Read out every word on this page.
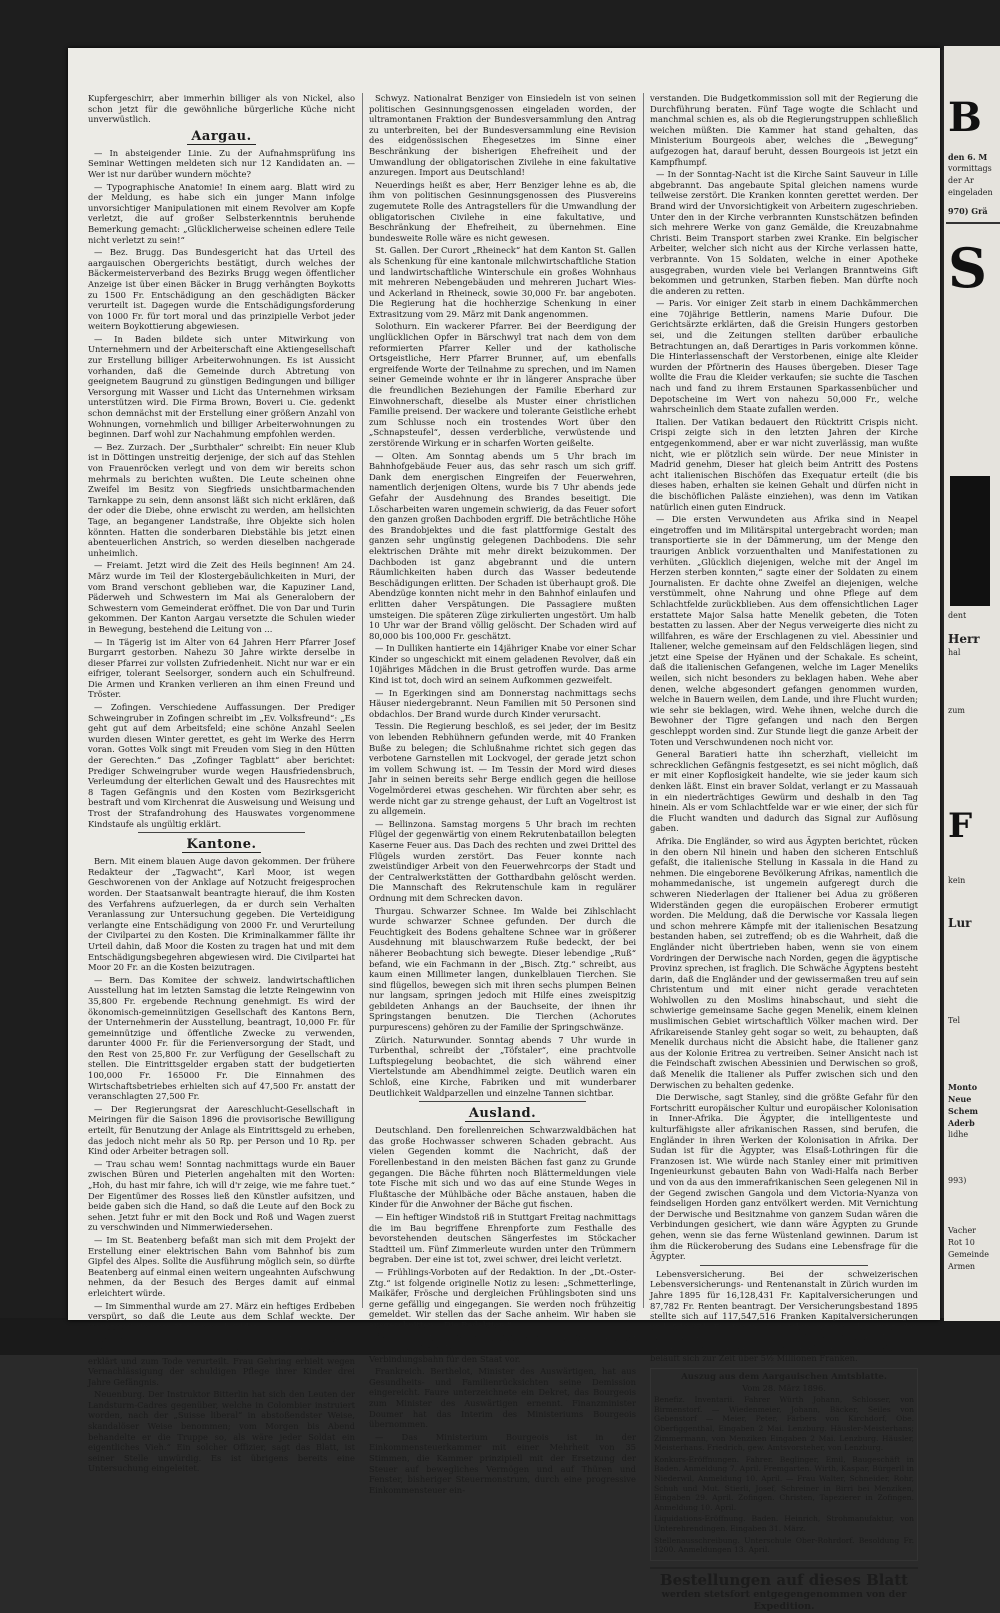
Kupfergeschirr, aber immerhin billiger als von Nickel, also schon jetzt für die gewöhnliche bürgerliche Küche nicht unverwüstlich.

Aargau.

— In absteigender Linie. Zu der Aufnahmsprüfung ins Seminar Wettingen meldeten sich nur 12 Kandidaten an. — Wer ist nur darüber wundern möchte?

— Typographische Anatomie! In einem aarg. Blatt wird zu der Meldung, es habe sich ein junger Mann infolge unvorsichtiger Manipulationen mit einem Revolver am Kopfe verletzt, die auf großer Selbsterkenntnis beruhende Bemerkung gemacht: „Glücklicherweise scheinen edlere Teile nicht verletzt zu sein!“

— Bez. Brugg. Das Bundesgericht hat das Urteil des aargauischen Obergerichts bestätigt, durch welches der Bäckermeisterverband des Bezirks Brugg wegen öffentlicher Anzeige ist über einen Bäcker in Brugg verhängten Boykotts zu 1500 Fr. Entschädigung an den geschädigten Bäcker verurteilt ist. Dagegen wurde die Entschädigungsforderung von 1000 Fr. für tort moral und das prinzipielle Verbot jeder weitern Boykottierung abgewiesen.

— In Baden bildete sich unter Mitwirkung von Unternehmern und der Arbeiterschaft eine Aktiengesellschaft zur Erstellung billiger Arbeiterwohnungen. Es ist Aussicht vorhanden, daß die Gemeinde durch Abtretung von geeignetem Baugrund zu günstigen Bedingungen und billiger Versorgung mit Wasser und Licht das Unternehmen wirksam unterstützen wird. Die Firma Brown, Boveri u. Cie. gedenkt schon demnächst mit der Erstellung einer größern Anzahl von Wohnungen, vornehmlich und billiger Arbeiterwohnungen zu beginnen. Darf wohl zur Nachahmung empfohlen werden.

— Bez. Zurzach. Der „Surbthaler“ schreibt: Ein neuer Klub ist in Döttingen unstreitig derjenige, der sich auf das Stehlen von Frauenröcken verlegt und von dem wir bereits schon mehrmals zu berichten wußten. Die Leute scheinen ohne Zweifel im Besitz von Siegfrieds unsichtbarmachenden Tarnkappe zu sein, denn ansonst läßt sich nicht erklären, daß der oder die Diebe, ohne erwischt zu werden, am hellsichten Tage, an begangener Landstraße, ihre Objekte sich holen könnten. Hatten die sonderbaren Diebstähle bis jetzt einen abenteuerlichen Anstrich, so werden dieselben nachgerade unheimlich.

— Freiamt. Jetzt wird die Zeit des Heils beginnen! Am 24. März wurde im Teil der Klostergebäulichkeiten in Muri, der vom Brand verschont geblieben war, die Kapuziner Land, Päderweh und Schwestern im Mai als Generalobern der Schwestern vom Gemeinderat eröffnet. Die von Dar und Turin gekommen. Der Kanton Aargau versetzte die Schulen wieder in Bewegung, bestehend die Leitung von ...

— In Tägerig ist im Alter von 64 Jahren Herr Pfarrer Josef Burgarrt gestorben. Nahezu 30 Jahre wirkte derselbe in dieser Pfarrei zur vollsten Zufriedenheit. Nicht nur war er ein eifriger, tolerant Seelsorger, sondern auch ein Schulfreund. Die Armen und Kranken verlieren an ihm einen Freund und Tröster.

— Zofingen. Verschiedene Auffassungen. Der Prediger Schweingruber in Zofingen schreibt im „Ev. Volksfreund“: „Es geht gut auf dem Arbeitsfeld; eine schöne Anzahl Seelen wurden diesen Winter gerettet, es geht im Werke des Herrn voran. Gottes Volk singt mit Freuden vom Sieg in den Hütten der Gerechten.“ Das „Zofinger Tagblatt“ aber berichtet: Prediger Schweingruber wurde wegen Hausfriedensbruch, Verleumdung der elterlichen Gewalt und des Hausrechtes mit 8 Tagen Gefängnis und den Kosten vom Bezirksgericht bestraft und vom Kirchenrat die Ausweisung und Weisung und Trost der Strafandrohung des Hauswates vorgenommene Kindstaufe als ungültig erklärt.

Kantone.

Bern. Mit einem blauen Auge davon gekommen. Der frühere Redakteur der „Tagwacht“, Karl Moor, ist wegen Geschworenen von der Anklage auf Notzucht freigesprochen worden. Der Staatsanwalt beantragte hierauf, die ihm Kosten des Verfahrens aufzuerlegen, da er durch sein Verhalten Veranlassung zur Untersuchung gegeben. Die Verteidigung verlangte eine Entschädigung von 2000 Fr. und Verurteilung der Civilpartei zu den Kosten. Die Kriminalkammer fällte ihr Urteil dahin, daß Moor die Kosten zu tragen hat und mit dem Entschädigungsbegehren abgewiesen wird. Die Civilpartei hat Moor 20 Fr. an die Kosten beizutragen.

— Bern. Das Komitee der schweiz. landwirtschaftlichen Ausstellung hat im letzten Samstag die letzte Reingewinn von 35,800 Fr. ergebende Rechnung genehmigt. Es wird der ökonomisch-gemeinnützigen Gesellschaft des Kantons Bern, der Unternehmerin der Ausstellung, beantragt, 10,000 Fr. für gemeinnützige und öffentliche Zwecke zu verwenden, darunter 4000 Fr. für die Ferienversorgung der Stadt, und den Rest von 25,800 Fr. zur Verfügung der Gesellschaft zu stellen. Die Eintrittsgelder ergaben statt der budgetierten 100,000 Fr. 165000 Fr. Die Einnahmen des Wirtschaftsbetriebes erhielten sich auf 47,500 Fr. anstatt der veranschlagten 27,500 Fr.

— Der Regierungsrat der Aareschlucht-Gesellschaft in Meiringen für die Saison 1896 die provisorische Bewilligung erteilt, für Benutzung der Anlage als Eintrittsgeld zu erheben, das jedoch nicht mehr als 50 Rp. per Person und 10 Rp. per Kind oder Arbeiter betragen soll.

— Trau schau wem! Sonntag nachmittags wurde ein Bauer zwischen Büren und Pieterlen angehalten mit den Worten: „Hoh, du hast mir fahre, ich will d'r zeige, wie me fahre tuet.“ Der Eigentümer des Rosses ließ den Künstler aufsitzen, und beide gaben sich die Hand, so daß die Leute auf den Bock zu sehen. Jetzt fuhr er mit den Bock und Roß und Wagen zuerst zu verschwinden und Nimmerwiedersehen.

— Im St. Beatenberg befaßt man sich mit dem Projekt der Erstellung einer elektrischen Bahn vom Bahnhof bis zum Gipfel des Alpes. Sollte die Ausführung möglich sein, so dürfte Beatenberg auf einmal einen weitern ungeahnten Aufschwung nehmen, da der Besuch des Berges damit auf einmal erleichtert würde.

— Im Simmenthal wurde am 27. März ein heftiges Erdbeben verspürt, so daß die Leute aus dem Schlaf weckte. Der Hauptstoß ging von Norden nach Süden.

Luzern. Das Kriminalgericht hat den Württemberger Gehring der Ermordung seiner zwei Stieftöchter schuldig erklärt und zum Tode verurteilt. Frau Gehring erhielt wegen Vernachlässigung der schuldigen Pflege ihrer Kinder drei Jahre Gefängnis.

Neuenburg. Der Instruktor Bitterlin hat sich den Leuten der Landsturm-Cadres gegenüber, welche in Colombier instruiert worden, nach der „Suisse liberal“ in abstoßendster Weise, skandalöser Weise benommen; vom Morgen bis Abend behandelte er die Truppe so, als wäre jeder Soldat ein eigentliches Vieh.“ Ein solcher Offizier, sagt das Blatt, ist seiner Stelle unwürdig. Es ist übrigens bereits eine Untersuchung eingeleitet.

Schwyz. Nationalrat Benziger von Einsiedeln ist von seinen politischen Gesinnungsgenossen eingeladen worden, der ultramontanen Fraktion der Bundesversammlung den Antrag zu unterbreiten, bei der Bundesversammlung eine Revision des eidgenössischen Ehegesetzes im Sinne einer Beschränkung der bisherigen Ehefreiheit und der Umwandlung der obligatorischen Zivilehe in eine fakultative anzuregen. Import aus Deutschland!

Neuerdings heißt es aber, Herr Benziger lehne es ab, die ihm von politischen Gesinnungsgenossen des Piusvereins zugemutete Rolle des Antragstellers für die Umwandlung der obligatorischen Civilehe in eine fakultative, und Beschränkung der Ehefreiheit, zu übernehmen. Eine bundesweite Rolle wäre es nicht gewesen.

St. Gallen. Der Curort „Rheineck“ hat dem Kanton St. Gallen als Schenkung für eine kantonale milchwirtschaftliche Station und landwirtschaftliche Winterschule ein großes Wohnhaus mit mehreren Nebengebäuden und mehreren Juchart Wies- und Ackerland in Rheineck, sowie 30,000 Fr. bar angeboten. Die Regierung hat die hochherzige Schenkung in einer Extrasitzung vom 29. März mit Dank angenommen.

Solothurn. Ein wackerer Pfarrer. Bei der Beerdigung der unglücklichen Opfer in Bärschwyl trat nach dem von dem reformierten Pfarrer Keller und der katholische Ortsgeistliche, Herr Pfarrer Brunner, auf, um ebenfalls ergreifende Worte der Teilnahme zu sprechen, und im Namen seiner Gemeinde wohnte er ihr in längerer Ansprache über die freundlichen Beziehungen der Familie Eberhard zur Einwohnerschaft, dieselbe als Muster einer christlichen Familie preisend. Der wackere und tolerante Geistliche erhebt zum Schlusse noch ein trostendes Wort über den „Schnapsteufel“, dessen verderbliche, verwüstende und zerstörende Wirkung er in scharfen Worten geißelte.

— Olten. Am Sonntag abends um 5 Uhr brach im Bahnhofgebäude Feuer aus, das sehr rasch um sich griff. Dank dem energischen Eingreifen der Feuerwehren, namentlich derjenigen Oltens, wurde bis 7 Uhr abends jede Gefahr der Ausdehnung des Brandes beseitigt. Die Löscharbeiten waren ungemein schwierig, da das Feuer sofort den ganzen großen Dachboden ergriff. Die beträchtliche Höhe des Brandobjektes und die fast plattformige Gestalt des ganzen sehr ungünstig gelegenen Dachbodens. Die sehr elektrischen Drähte mit mehr direkt beizukommen. Der Dachboden ist ganz abgebrannt und die untern Räumlichkeiten haben durch das Wasser bedeutende Beschädigungen erlitten. Der Schaden ist überhaupt groß. Die Abendzüge konnten nicht mehr in den Bahnhof einlaufen und erlitten daher Verspätungen. Die Passagiere mußten umsteigen. Die späteren Züge zirkulierten ungestört. Um halb 10 Uhr war der Brand völlig gelöscht. Der Schaden wird auf 80,000 bis 100,000 Fr. geschätzt.

— In Dulliken hantierte ein 14jähriger Knabe vor einer Schar Kinder so ungeschickt mit einem geladenen Revolver, daß ein 10jähriges Mädchen in die Brust getroffen wurde. Das arme Kind ist tot, doch wird an seinem Aufkommen gezweifelt.

— In Egerkingen sind am Donnerstag nachmittags sechs Häuser niedergebrannt. Neun Familien mit 50 Personen sind obdachlos. Der Brand wurde durch Kinder verursacht.

Tessin. Die Regierung beschloß, es sei jeder, der im Besitz von lebenden Rebhühnern gefunden werde, mit 40 Franken Buße zu belegen; die Schlußnahme richtet sich gegen das verbotene Garnstellen mit Lockvogel, der gerade jetzt schon im vollem Schwung ist. — Im Tessin der Mord wird dieses Jahr in seinen bereits sehr Berge endlich gegen die heillose Vogelmörderei etwas geschehen. Wir fürchten aber sehr, es werde nicht gar zu strenge gehaust, der Luft an Vogeltrost ist zu allgemein.

— Bellinzona. Samstag morgens 5 Uhr brach im rechten Flügel der gegenwärtig von einem Rekrutenbataillon belegten Kaserne Feuer aus. Das Dach des rechten und zwei Drittel des Flügels wurden zerstört. Das Feuer konnte nach zweistündiger Arbeit von den Feuerwehrcorps der Stadt und der Centralwerkstätten der Gotthardbahn gelöscht werden. Die Mannschaft des Rekrutenschule kam in regulärer Ordnung mit dem Schrecken davon.

Thurgau. Schwarzer Schnee. Im Walde bei Zihlschlacht wurde schwarzer Schnee gefunden. Der durch die Feuchtigkeit des Bodens gehaltene Schnee war in größerer Ausdehnung mit blauschwarzem Ruße bedeckt, der bei näherer Beobachtung sich bewegte. Dieser lebendige „Ruß“ befand, wie ein Fachmann in der „Bisch. Ztg.“ schreibt, aus kaum einen Millimeter langen, dunkelblauen Tierchen. Sie sind flügellos, bewegen sich mit ihren sechs plumpen Beinen nur langsam, springen jedoch mit Hilfe eines zweispitzig gebildeten Anhangs an der Bauchseite, der ihnen ihr Springstangen benutzen. Die Tierchen (Achorutes purpurescens) gehören zu der Familie der Springschwänze.

Zürich. Naturwunder. Sonntag abends 7 Uhr wurde in Turbenthal, schreibt der „Töfstaler“, eine prachtvolle Luftspiegelung beobachtet, die sich während einer Viertelstunde am Abendhimmel zeigte. Deutlich waren ein Schloß, eine Kirche, Fabriken und mit wunderbarer Deutlichkeit Waldparzellen und einzelne Tannen sichtbar.

Ausland.

Deutschland. Den forellenreichen Schwarzwaldbächen hat das große Hochwasser schweren Schaden gebracht. Aus vielen Gegenden kommt die Nachricht, daß der Forellenbestand in den meisten Bächen fast ganz zu Grunde gegangen. Die Bäche führten noch Blättermeldungen viele tote Fische mit sich und wo das auf eine Stunde Weges in Flußtasche der Mühlbäche oder Bäche anstauen, haben die Kinder für die Anwohner der Bäche gut fischen.

— Ein heftiger Windstoß riß in Stuttgart Freitag nachmittags die im Bau begriffene Ehrenpforte zum Festhalle des bevorstehenden deutschen Sängerfestes im Stöckacher Stadtteil um. Fünf Zimmerleute wurden unter den Trümmern begraben. Der eine ist tot, zwei schwer, drei leicht verletzt.

— Frühlings-Vorboten auf der Redaktion. In der „Dt.-Oster-Ztg.“ ist folgende originelle Notiz zu lesen: „Schmetterlinge, Maikäfer, Frösche und dergleichen Frühlingsboten sind uns gerne gefällig und eingegangen. Sie werden noch frühzeitig gemeldet. Wir stellen das der Sache anheim. Wir haben sie ausgeschnitten... Die Redaktion.“

Österreich. Der Eisenbahnminister hat die Gesetzentwurf betr. Ankauf der Nordostbahn und der Südnordostdeutschen Verbindungsbahn für den Staat vor.

Frankreich. Berthelot, Minister des Auswärtigen, hat aus Gesundheits- und Familienrücksichten seine Demission eingereicht. Faure unterzeichnete ein Dekret, das Bourgeois zum Minister des Auswärtigen ernennt. Finanzminister Doumer hat das Interim des Ministeriums Bourgeois übernommen.

— Das Ministerium Bourgeois ist in der Einkommensteuerkammer mit einer Mehrheit von 35 Stimmen, die Kammer prinzipiell mit der Ersetzung der Steuer auf bewegliches Vermögen und auf Thüren und Fenster, bisheriger Steuermonstrum, durch eine progressive Einkommensteuer ein-

verstanden. Die Budgetkommission soll mit der Regierung die Durchführung beraten. Fünf Tage wogte die Schlacht und manchmal schien es, als ob die Regierungstruppen schließlich weichen müßten. Die Kammer hat stand gehalten, das Ministerium Bourgeois aber, welches die „Bewegung“ aufgezogen hat, darauf beruht, dessen Bourgeois ist jetzt ein Kampfhumpf.

— In der Sonntag-Nacht ist die Kirche Saint Sauveur in Lille abgebrannt. Das angebaute Spital gleichen namens wurde teilweise zerstört. Die Kranken konnten gerettet werden. Der Brand wird der Unvorsichtigkeit von Arbeitern zugeschrieben. Unter den in der Kirche verbrannten Kunstschätzen befinden sich mehrere Werke von ganz Gemälde, die Kreuzabnahme Christi. Beim Transport starben zwei Kranke. Ein belgischer Arbeiter, welcher sich nicht aus der Kirche verlassen hatte, verbrannte. Von 15 Soldaten, welche in einer Apotheke ausgegraben, wurden viele bei Verlangen Branntweins Gift bekommen und getrunken, Starben fieben. Man dürfte noch die anderen zu retten.

— Paris. Vor einiger Zeit starb in einem Dachkämmerchen eine 70jährige Bettlerin, namens Marie Dufour. Die Gerichtsärzte erklärten, daß die Greisin Hungers gestorben sei, und die Zeitungen stellten darüber erbauliche Betrachtungen an, daß Derartiges in Paris vorkommen könne. Die Hinterlassenschaft der Verstorbenen, einige alte Kleider wurden der Pförtnerin des Hauses übergeben. Dieser Tage wollte die Frau die Kleider verkaufen; sie suchte die Taschen nach und fand zu ihrem Erstaunen Sparkassenbücher und Depotscheine im Wert von nahezu 50,000 Fr., welche wahrscheinlich dem Staate zufallen werden.

Italien. Der Vatikan bedauert den Rücktritt Crispis nicht. Crispi zeigte sich in den letzten Jahren der Kirche entgegenkommend, aber er war nicht zuverlässig, man wußte nicht, wie er plötzlich sein würde. Der neue Minister in Madrid genehm, Dieser hat gleich beim Antritt des Postens acht italienischen Bischöfen das Exequatur erteilt (die bis dieses haben, erhalten sie keinen Gehalt und dürfen nicht in die bischöflichen Paläste einziehen), was denn im Vatikan natürlich einen guten Eindruck.

— Die ersten Verwundeten aus Afrika sind in Neapel eingetroffen und im Militärspital untergebracht worden; man transportierte sie in der Dämmerung, um der Menge den traurigen Anblick vorzuenthalten und Manifestationen zu verhüten. „Glücklich diejenigen, welche mit der Angel im Herzen sterben konnten,“ sagte einer der Soldaten zu einem Journalisten. Er dachte ohne Zweifel an diejenigen, welche verstümmelt, ohne Nahrung und ohne Pflege auf dem Schlachtfelde zurückblieben. Aus dem offensichtlichen Lager erstattete Major Salsa hatte Menelik gebeten, die Toten bestatten zu lassen. Aber der Negus verweigerte dies nicht zu willfahren, es wäre der Erschlagenen zu viel. Abessinier und Italiener, welche gemeinsam auf den Feldschlägen liegen, sind jetzt eine Speise der Hyänen und der Schakale. Es scheint, daß die italienischen Gefangenen, welche im Lager Meneliks weilen, sich nicht besonders zu beklagen haben. Wehe aber denen, welche abgesondert gefangen genommen wurden, welche in Bauern weilen, dem Lande, und ihre Flucht wurden; wie sehr sie beklagen, wird. Wehe ihnen, welche durch die Bewohner der Tigre gefangen und nach den Bergen geschleppt worden sind. Zur Stunde liegt die ganze Arbeit der Toten und Verschwundenen noch nicht vor.

General Baratieri hatte ihn scherzhaft, vielleicht im schrecklichen Gefängnis festgesetzt, es sei nicht möglich, daß er mit einer Kopflosigkeit handelte, wie sie jeder kaum sich denken läßt. Einst ein braver Soldat, verlangt er zu Massauah in ein niederträchtiges Gewürm und deshalb in den Tag hinein. Als er vom Schlachtfelde war er wie einer, der sich für die Flucht wandten und dadurch das Signal zur Auflösung gaben.

Afrika. Die Engländer, so wird aus Ägypten berichtet, rücken in den obern Nil hinein und haben den sicheren Entschluß gefaßt, die italienische Stellung in Kassala in die Hand zu nehmen. Die eingeborene Bevölkerung Afrikas, namentlich die mohammedanische, ist ungemein aufgeregt durch die schweren Niederlagen der Italiener bei Adua zu größeren Widerständen gegen die europäischen Eroberer ermutigt worden. Die Meldung, daß die Derwische vor Kassala liegen und schon mehrere Kämpfe mit der italienischen Besatzung bestanden haben, sei zutreffend; ob es die Wahrheit, daß die Engländer nicht übertrieben haben, wenn sie von einem Vordringen der Derwische nach Norden, gegen die ägyptische Provinz sprechen, ist fraglich. Die Schwäche Ägyptens besteht darin, daß die Engländer und der gewissermaßen treu auf sein Christentum und mit einer nicht gerade verachteten Wohlwollen zu den Moslims hinabschaut, und sieht die schwierige gemeinsame Sache gegen Menelik, einem kleinen muslimischen Gebiet wirtschaftlich Völker machen wird. Der Afrikareisende Stanley geht sogar so weit, zu behaupten, daß Menelik durchaus nicht die Absicht habe, die Italiener ganz aus der Kolonie Eritrea zu vertreiben. Seiner Ansicht nach ist die Feindschaft zwischen Abessinien und Derwischen so groß, daß Menelik die Italiener als Puffer zwischen sich und den Derwischen zu behalten gedenke.

Die Derwische, sagt Stanley, sind die größte Gefahr für den Fortschritt europäischer Kultur und europäischer Kolonisation in Inner-Afrika. Die Ägypter, die intelligenteste und kulturfähigste aller afrikanischen Rassen, sind berufen, die Engländer in ihren Werken der Kolonisation in Afrika. Der Sudan ist für die Ägypter, was Elsaß-Lothringen für die Franzosen ist. Wie würde nach Stanley einer mit primitiven Ingenieurkunst gebauten Bahn von Wadi-Halfa nach Berber und von da aus den immerafrikanischen Seen gelegenen Nil in der Gegend zwischen Gangola und dem Victoria-Nyanza von feindseligen Horden ganz entvölkert werden. Mit Vernichtung der Derwische und Besitznahme von ganzem Sudan wären die Verbindungen gesichert, wie dann wäre Ägypten zu Grunde gehen, wenn sie das ferne Wüstenland gewinnen. Darum ist ihm die Rückeroberung des Sudans eine Lebensfrage für die Ägypter.

Lebensversicherung. Bei der schweizerischen Lebensversicherungs- und Rentenanstalt in Zürich wurden im Jahre 1895 für 16,128,431 Fr. Kapitalversicherungen und 87,782 Fr. Renten beantragt. Der Versicherungsbestand 1895 stellte sich auf 117,547,516 Franken Kapitalversicherungen und 549,271 Fr. Rente. Der Jahresgewinn, der ganz den Versicherten zukommt, beträgt 708,738 Franken. Der zur Verteilung an die Versicherten bereit liegende Gewinnfond beläuft sich zur Zeit über 5½ Millionen Franken.

Auszug aus dem Aargauischen Amtsblatte.
Vom 28. März 1896.

Benefiz. Inventarii. Fahrer Würth Johann, Schlosser, von Birmenstorf. — Wiedenmeier, Johann, Bäcker, Seiles von Gebenstorf — Meier, Peter, Färbers von Kirchdorf, Obe. Oberfiggenthal, Eingaben 2 Mai. Lenzburg. Häusler-Meisterhans; Zimmermann, von Menziken Eingaben 2 Mai. Lenzburg. Häusler, Meisterhans. Friedrich, gew. Amtsvorsteher, von Lenzburg.

Konkurs-Eröffnungen. Fahrer. Beglinger, Emil, Baugeschäft in Baden. Anmeldung 7. April. Fremgarten. Wirth, Kaspar, Bürgerll in Niederwil, Anmeldung 10. April. — Frau Walter, Schneider, Rohr, Schuh und Mut. Stierli, Josef, Schreiner in Birri bei Menziken, Eingaben 29. April. Zofingen. Christen, Tapezierer in Zofingen. Anmeldung 10. April.

Liquidations-Eröffnung. Baden. Heinrich, Strohmanufaktur, von Unterehrendingen. Eingaben 31. März.

Stellenausschreibung. Unterschule Ober-Rohrdorf. Besoldung Fr. 1200. Anmeldungen 13. April.

Bestellungen auf dieses Blatt
werden stetsfort entgegengenommen von der Expedition.
B
den 6. M
vormittags
der Ar
eingeladen
970) Grä
S
dent
Herr
hal
zum
F
kein
Lur
Tel
Monto
Neue
Schem
Aderb
lidhe
993)
Vacher
Rot 10
Gemeinde
Armen
